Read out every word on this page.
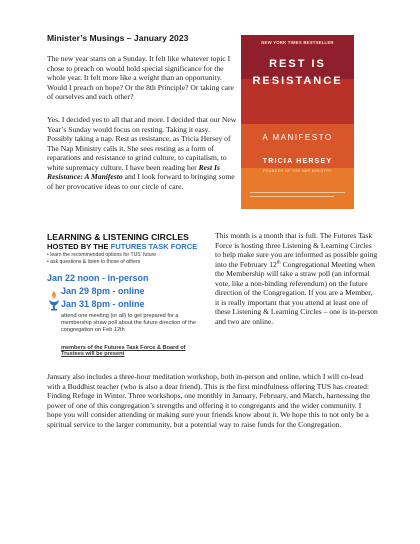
Minister’s Musings – January 2023

The new year starts on a Sunday. It felt like whatever topic I chose to preach on would hold special significance for the whole year. It felt more like a weight than an opportunity. Would I preach on hope? Or the 8th Principle? Or taking care of ourselves and each other?

Yes. I decided yes to all that and more. I decided that our New Year’s Sunday would focus on resting. Taking it easy. Possibly taking a nap. Rest as resistance, as Tricia Hersey of The Nap Ministry calls it. She sees resting as a form of reparations and resistance to grind culture, to capitalism, to white supremacy culture. I have been reading her Rest Is Resistance: A Manifesto and I look forward to bringing some of her provocative ideas to our circle of care.

NEW YORK TIMES BESTSELLER
REST IS
RESISTANCE
A MANIFESTO
TRICIA HERSEY
FOUNDER OF THE NAP MINISTRY
LEARNING & LISTENING CIRCLES
HOSTED BY THE FUTURES TASK FORCE
• learn the recommended options for TUS’ future
• ask questions & listen to those of others
Jan 22 noon - in-person
Jan 29 8pm - online
Jan 31 8pm - online
attend one meeting (or all) to get prepared for a membership straw poll about the future direction of the congregation on Feb 12th
members of the Futures Task Force & Board of Trustees will be present

This month is a month that is full. The Futures Task Force is hosting three Listening & Learning Circles to help make sure you are informed as possible going into the February 12th Congregational Meeting when the Membership will take a straw poll (an informal vote, like a non-binding referendum) on the future direction of the Congregation. If you are a Member, it is really important that you attend at least one of these Listening & Learning Circles – one is in-person and two are online.

January also includes a three-hour meditation workshop, both in-person and online, which I will co-lead with a Buddhist teacher (who is also a dear friend). This is the first mindfulness offering TUS has created: Finding Refuge in Winter. Three workshops, one monthly in January, February, and March, harnessing the power of one of this congregation’s strengths and offering it to congregants and the wider community. I hope you will consider attending or making sure your friends know about it. We hope this to not only be a spiritual service to the larger community, but a potential way to raise funds for the Congregation.
